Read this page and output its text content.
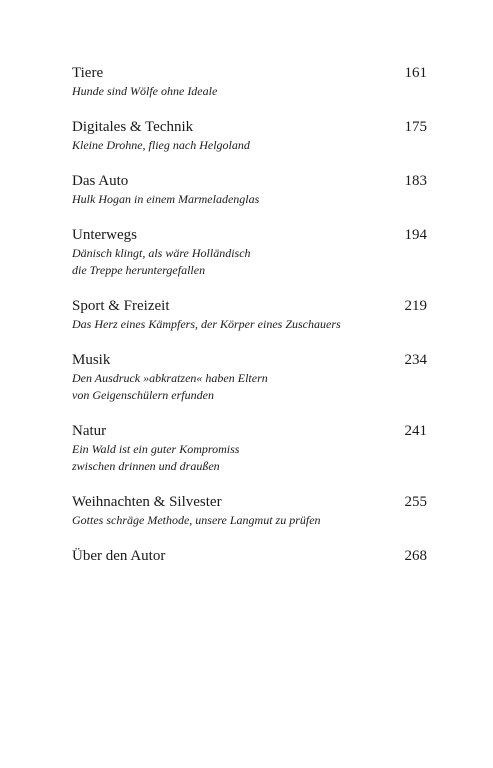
Tiere	161
Hunde sind Wölfe ohne Ideale
Digitales & Technik	175
Kleine Drohne, flieg nach Helgoland
Das Auto	183
Hulk Hogan in einem Marmeladenglas
Unterwegs	194
Dänisch klingt, als wäre Holländisch
die Treppe heruntergefallen
Sport & Freizeit	219
Das Herz eines Kämpfers, der Körper eines Zuschauers
Musik	234
Den Ausdruck »abkratzen« haben Eltern
von Geigenschülern erfunden
Natur	241
Ein Wald ist ein guter Kompromiss
zwischen drinnen und draußen
Weihnachten & Silvester	255
Gottes schräge Methode, unsere Langmut zu prüfen
Über den Autor	268
